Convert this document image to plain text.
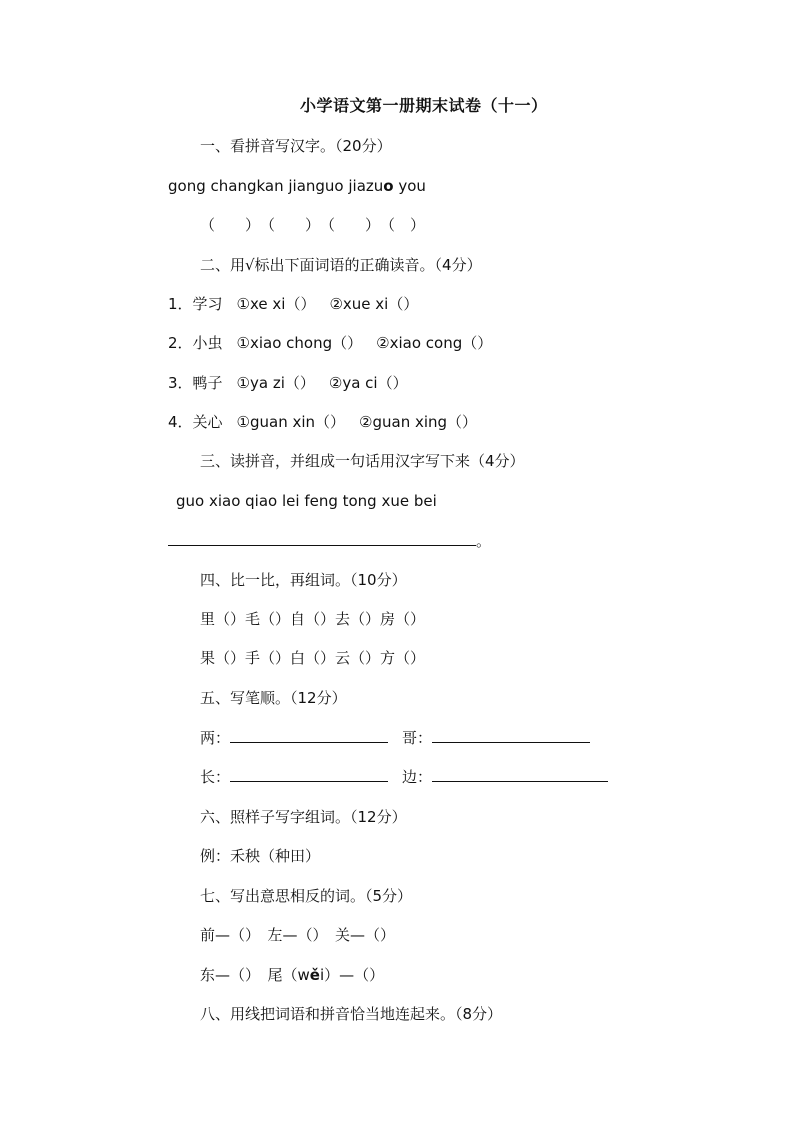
小学语文第一册期末试卷（十一）
一、看拼音写汉字。（20分）
gong changkan jianguo jiazuo you
（　　）　（　　）　（　　）　（　）
二、用√标出下面词语的正确读音。（4分）
1．学习 ①xe xi（） ②xue xi（）
2．小虫 ①xiao chong（） ②xiao cong（）
3．鸭子 ①ya zi（） ②ya ci（）
4．关心 ①guan xin（） ②guan xing（）
三、读拼音，并组成一句话用汉字写下来（4分）
guo xiao qiao lei feng tong xue bei
。
四、比一比，再组词。（10分）
里（）毛（）自（）去（）房（）
果（）手（）白（）云（）方（）
五、写笔顺。（12分）
两：	哥：
长：	边：
六、照样子写字组词。（12分）
例：禾秧（种田）
七、写出意思相反的词。（5分）
前—（）　左—（）　关—（）
东—（）　尾（wěi）—（）
八、用线把词语和拼音恰当地连起来。（8分）
